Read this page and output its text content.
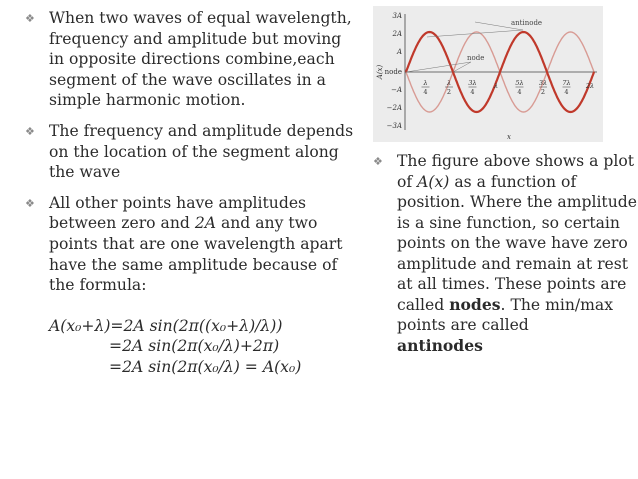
❖ When two waves of equal wavelength, frequency and amplitude but moving in opposite directions combine,each segment of the wave oscillates in a simple harmonic motion.

❖ The frequency and amplitude depends on the location of the segment along the wave

❖ All other points have amplitudes between zero and 2A and any two points that are one wavelength apart have the same amplitude because of the formula:

A(x₀+λ)=2A sin(2π((x₀+λ)/λ))
=2A sin(2π(x₀/λ)+2π)
=2A sin(2π(x₀/λ) = A(x₀)
3A
2A
A
node
−A
−2A
−3A
A(x)
x
λ
4
λ
2
3λ
4
λ	5λ
4
3λ
2
7λ
4
2λ
antinode
node
❖ The figure above shows a plot of A(x) as a function of position. Where the amplitude is a sine function, so certain points on the wave have zero amplitude and remain at rest at all times. These points are called nodes. The min/max points are called
antinodes
